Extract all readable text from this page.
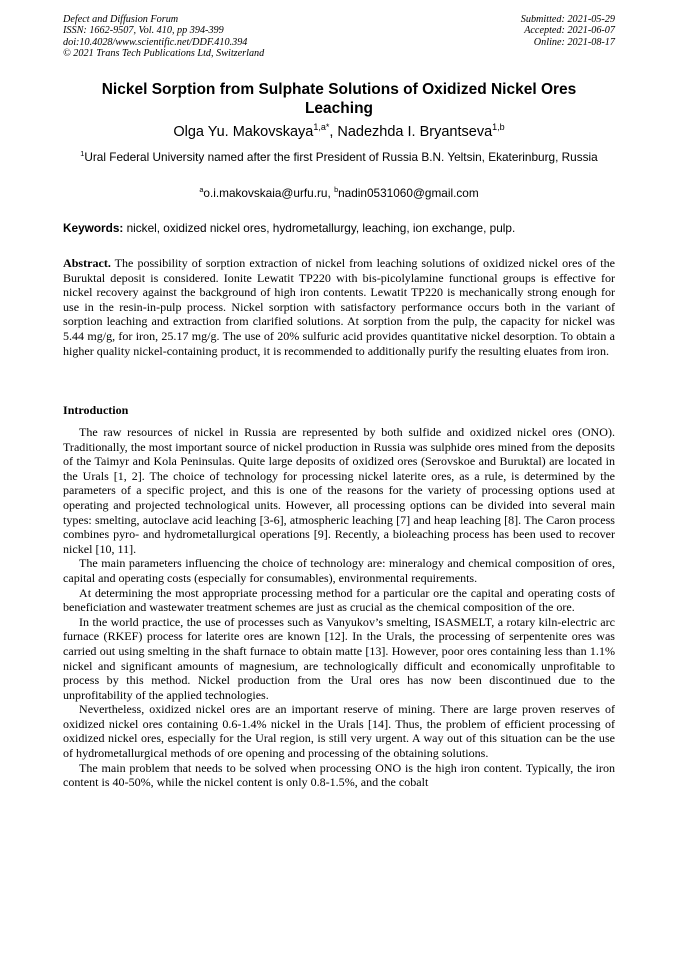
Defect and Diffusion Forum
ISSN: 1662-9507, Vol. 410, pp 394-399
doi:10.4028/www.scientific.net/DDF.410.394
© 2021 Trans Tech Publications Ltd, Switzerland
Submitted: 2021-05-29
Accepted: 2021-06-07
Online: 2021-08-17
Nickel Sorption from Sulphate Solutions of Oxidized Nickel Ores Leaching
Olga Yu. Makovskaya$^{1,a*}$, Nadezhda I. Bryantseva$^{1,b}$
$^1$Ural Federal University named after the first President of Russia B.N. Yeltsin, Ekaterinburg, Russia
$^a$o.i.makovskaia@urfu.ru, $^b$nadin0531060@gmail.com
Keywords: nickel, oxidized nickel ores, hydrometallurgy, leaching, ion exchange, pulp.
Abstract. The possibility of sorption extraction of nickel from leaching solutions of oxidized nickel ores of the Buruktal deposit is considered. Ionite Lewatit TP220 with bis-picolylamine functional groups is effective for nickel recovery against the background of high iron contents. Lewatit TP220 is mechanically strong enough for use in the resin-in-pulp process. Nickel sorption with satisfactory performance occurs both in the variant of sorption leaching and extraction from clarified solutions. At sorption from the pulp, the capacity for nickel was 5.44 mg/g, for iron, 25.17 mg/g. The use of 20% sulfuric acid provides quantitative nickel desorption. To obtain a higher quality nickel-containing product, it is recommended to additionally purify the resulting eluates from iron.
Introduction

The raw resources of nickel in Russia are represented by both sulfide and oxidized nickel ores (ONO). Traditionally, the most important source of nickel production in Russia was sulphide ores mined from the deposits of the Taimyr and Kola Peninsulas. Quite large deposits of oxidized ores (Serovskoe and Buruktal) are located in the Urals [1, 2]. The choice of technology for processing nickel laterite ores, as a rule, is determined by the parameters of a specific project, and this is one of the reasons for the variety of processing options used at operating and projected technological units. However, all processing options can be divided into several main types: smelting, autoclave acid leaching [3-6], atmospheric leaching [7] and heap leaching [8]. The Caron process combines pyro- and hydrometallurgical operations [9]. Recently, a bioleaching process has been used to recover nickel [10, 11].

The main parameters influencing the choice of technology are: mineralogy and chemical composition of ores, capital and operating costs (especially for consumables), environmental requirements.

At determining the most appropriate processing method for a particular ore the capital and operating costs of beneficiation and wastewater treatment schemes are just as crucial as the chemical composition of the ore.

In the world practice, the use of processes such as Vanyukov’s smelting, ISASMELT, a rotary kiln-electric arc furnace (RKEF) process for laterite ores are known [12]. In the Urals, the processing of serpentenite ores was carried out using smelting in the shaft furnace to obtain matte [13]. However, poor ores containing less than 1.1% nickel and significant amounts of magnesium, are technologically difficult and economically unprofitable to process by this method. Nickel production from the Ural ores has now been discontinued due to the unprofitability of the applied technologies.

Nevertheless, oxidized nickel ores are an important reserve of mining. There are large proven reserves of oxidized nickel ores containing 0.6-1.4% nickel in the Urals [14]. Thus, the problem of efficient processing of oxidized nickel ores, especially for the Ural region, is still very urgent. A way out of this situation can be the use of hydrometallurgical methods of ore opening and processing of the obtaining solutions.

The main problem that needs to be solved when processing ONO is the high iron content. Typically, the iron content is 40-50%, while the nickel content is only 0.8-1.5%, and the cobalt
